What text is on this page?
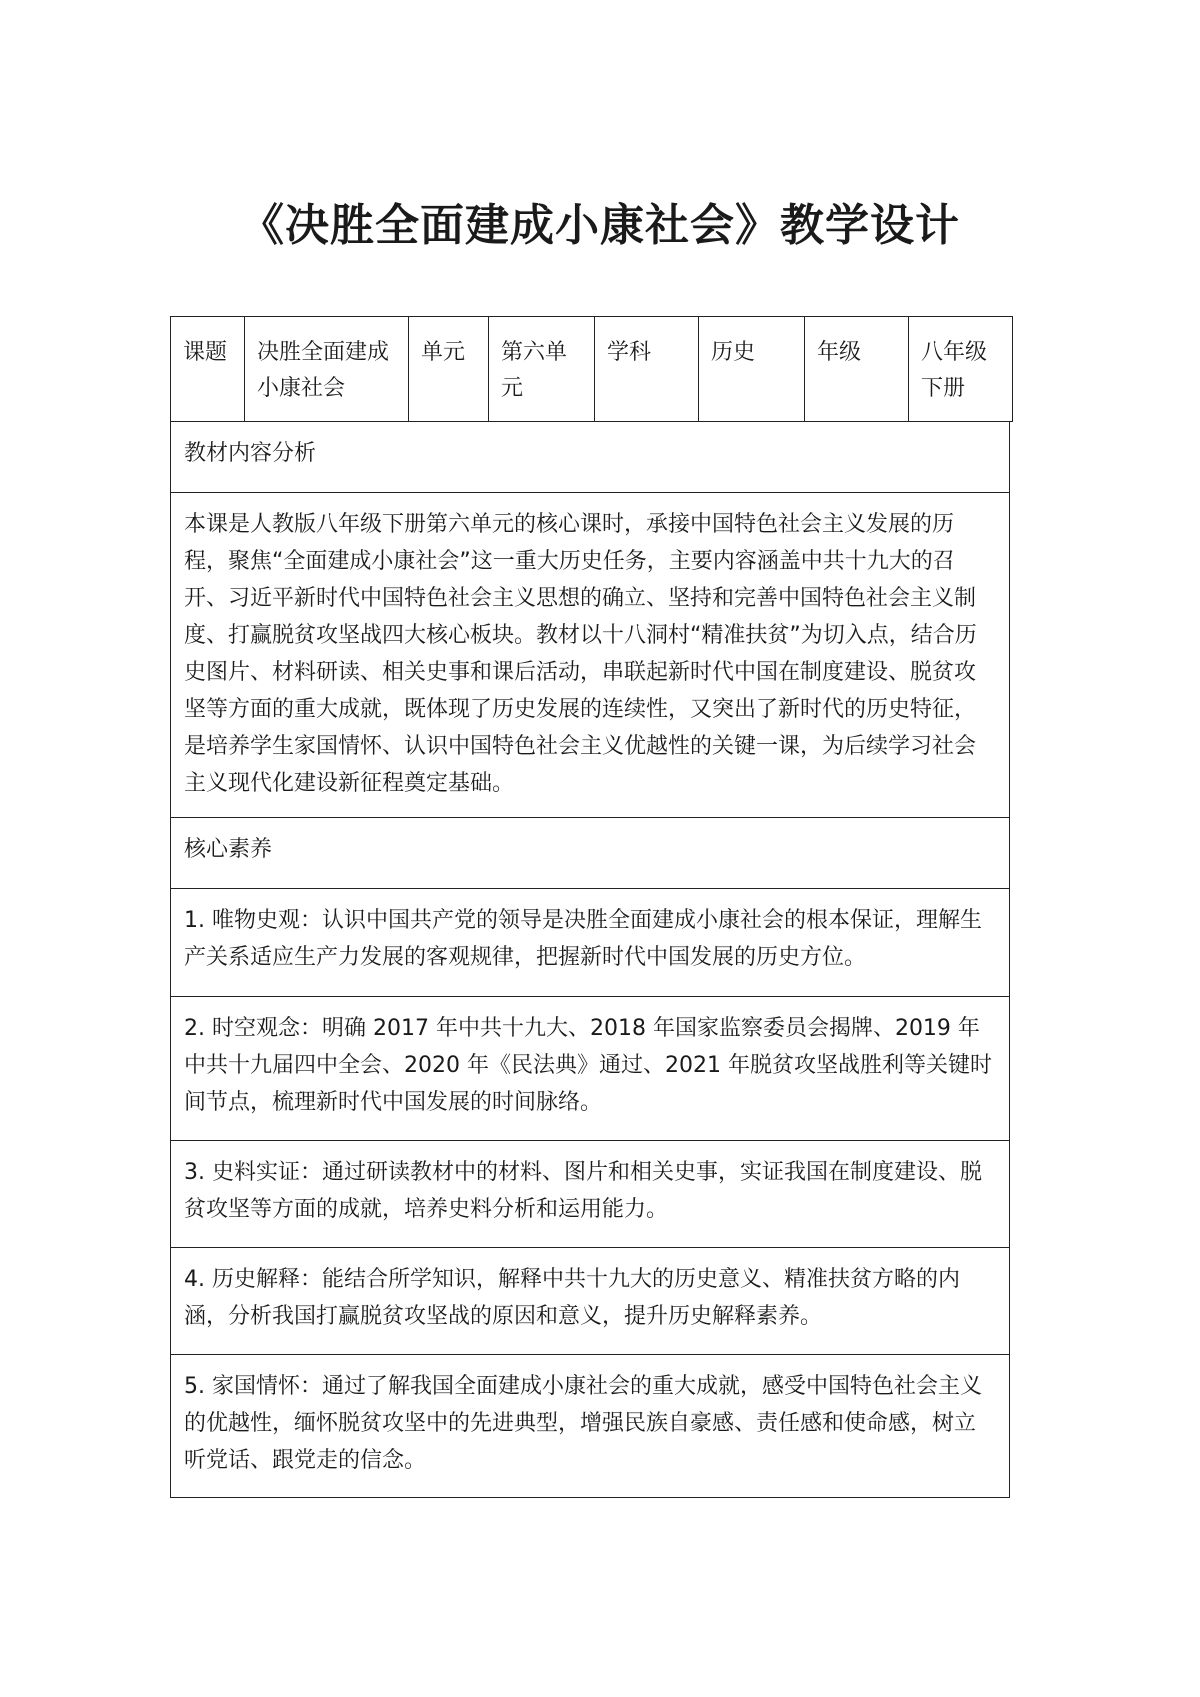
《决胜全面建成小康社会》教学设计
课题	决胜全面建成小康社会	单元	第六单元	学科	历史	年级	八年级下册

教材内容分析

本课是人教版八年级下册第六单元的核心课时，承接中国特色社会主义发展的历程，聚焦“全面建成小康社会”这一重大历史任务，主要内容涵盖中共十九大的召开、习近平新时代中国特色社会主义思想的确立、坚持和完善中国特色社会主义制度、打赢脱贫攻坚战四大核心板块。教材以十八洞村“精准扶贫”为切入点，结合历史图片、材料研读、相关史事和课后活动，串联起新时代中国在制度建设、脱贫攻坚等方面的重大成就，既体现了历史发展的连续性，又突出了新时代的历史特征，是培养学生家国情怀、认识中国特色社会主义优越性的关键一课，为后续学习社会主义现代化建设新征程奠定基础。

核心素养

1. 唯物史观：认识中国共产党的领导是决胜全面建成小康社会的根本保证，理解生产关系适应生产力发展的客观规律，把握新时代中国发展的历史方位。

2. 时空观念：明确 2017 年中共十九大、2018 年国家监察委员会揭牌、2019 年中共十九届四中全会、2020 年《民法典》通过、2021 年脱贫攻坚战胜利等关键时间节点，梳理新时代中国发展的时间脉络。

3. 史料实证：通过研读教材中的材料、图片和相关史事，实证我国在制度建设、脱贫攻坚等方面的成就，培养史料分析和运用能力。

4. 历史解释：能结合所学知识，解释中共十九大的历史意义、精准扶贫方略的内涵，分析我国打赢脱贫攻坚战的原因和意义，提升历史解释素养。

5. 家国情怀：通过了解我国全面建成小康社会的重大成就，感受中国特色社会主义的优越性，缅怀脱贫攻坚中的先进典型，增强民族自豪感、责任感和使命感，树立听党话、跟党走的信念。
